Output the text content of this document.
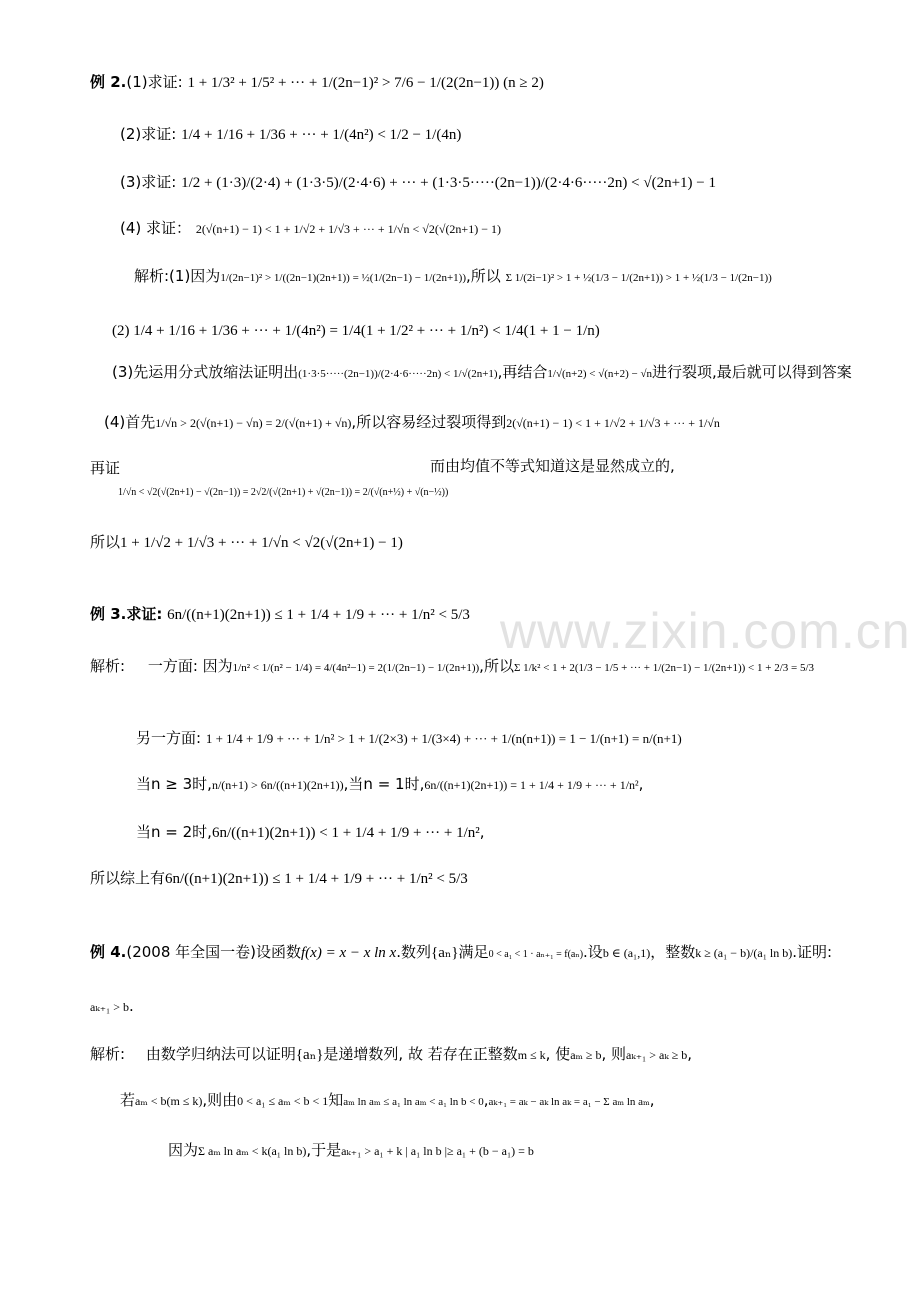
www.zixin.com.cn
例 2.(1)求证: 1 + 1/3² + 1/5² + ··· + 1/(2n−1)² > 7/6 − 1/(2(2n−1)) (n ≥ 2)
(2)求证: 1/4 + 1/16 + 1/36 + ··· + 1/(4n²) < 1/2 − 1/(4n)
(3)求证: 1/2 + (1·3)/(2·4) + (1·3·5)/(2·4·6) + ··· + (1·3·5·····(2n−1))/(2·4·6·····2n) < √(2n+1) − 1
(4) 求证： 2(√(n+1) − 1) < 1 + 1/√2 + 1/√3 + ··· + 1/√n < √2(√(2n+1) − 1)
解析:(1)因为1/(2n−1)² > 1/((2n−1)(2n+1)) = ½(1/(2n−1) − 1/(2n+1)),所以 Σ 1/(2i−1)² > 1 + ½(1/3 − 1/(2n+1)) > 1 + ½(1/3 − 1/(2n−1))
(2) 1/4 + 1/16 + 1/36 + ··· + 1/(4n²) = 1/4(1 + 1/2² + ··· + 1/n²) < 1/4(1 + 1 − 1/n)
(3)先运用分式放缩法证明出(1·3·5·····(2n−1))/(2·4·6·····2n) < 1/√(2n+1),再结合1/√(n+2) < √(n+2) − √n进行裂项,最后就可以得到答案
(4)首先1/√n > 2(√(n+1) − √n) = 2/(√(n+1) + √n),所以容易经过裂项得到2(√(n+1) − 1) < 1 + 1/√2 + 1/√3 + ··· + 1/√n
再证
1/√n < √2(√(2n+1) − √(2n−1)) = 2√2/(√(2n+1) + √(2n−1)) = 2/(√(n+½) + √(n−½))
而由均值不等式知道这是显然成立的,
所以1 + 1/√2 + 1/√3 + ··· + 1/√n < √2(√(2n+1) − 1)
例 3.求证: 6n/((n+1)(2n+1)) ≤ 1 + 1/4 + 1/9 + ··· + 1/n² < 5/3
解析: 一方面: 因为1/n² < 1/(n² − 1/4) = 4/(4n²−1) = 2(1/(2n−1) − 1/(2n+1)),所以Σ 1/k² < 1 + 2(1/3 − 1/5 + ··· + 1/(2n−1) − 1/(2n+1)) < 1 + 2/3 = 5/3
另一方面: 1 + 1/4 + 1/9 + ··· + 1/n² > 1 + 1/(2×3) + 1/(3×4) + ··· + 1/(n(n+1)) = 1 − 1/(n+1) = n/(n+1)
当n ≥ 3时,n/(n+1) > 6n/((n+1)(2n+1)),当n = 1时,6n/((n+1)(2n+1)) = 1 + 1/4 + 1/9 + ··· + 1/n²,
当n = 2时,6n/((n+1)(2n+1)) < 1 + 1/4 + 1/9 + ··· + 1/n²,
所以综上有6n/((n+1)(2n+1)) ≤ 1 + 1/4 + 1/9 + ··· + 1/n² < 5/3
例 4.(2008 年全国一卷)设函数f(x) = x − x ln x.数列{aₙ}满足0 < a₁ < 1 · aₙ₊₁ = f(aₙ).设b ∈ (a₁,1)，整数k ≥ (a₁ − b)/(a₁ ln b).证明:
aₖ₊₁ > b.
解析: 由数学归纳法可以证明{aₙ}是递增数列, 故 若存在正整数m ≤ k, 使aₘ ≥ b, 则aₖ₊₁ > aₖ ≥ b,
若aₘ < b(m ≤ k),则由0 < a₁ ≤ aₘ < b < 1知aₘ ln aₘ ≤ a₁ ln aₘ < a₁ ln b < 0,aₖ₊₁ = aₖ − aₖ ln aₖ = a₁ − Σ aₘ ln aₘ,
因为Σ aₘ ln aₘ < k(a₁ ln b),于是aₖ₊₁ > a₁ + k | a₁ ln b |≥ a₁ + (b − a₁) = b
